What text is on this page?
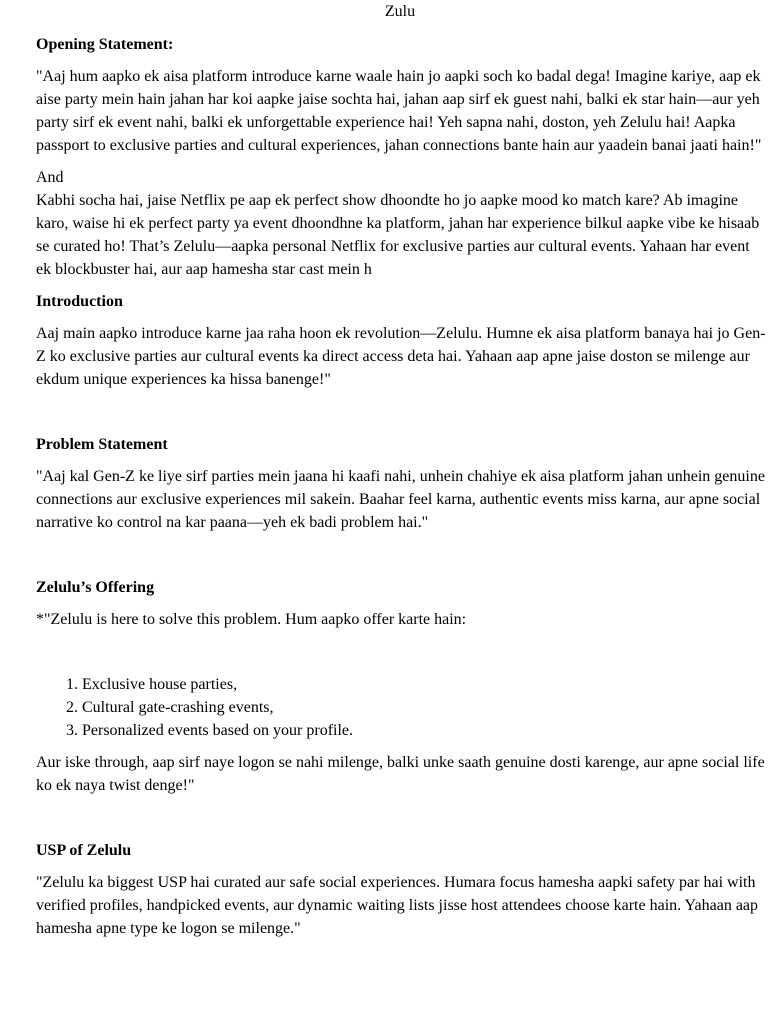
Zulu
Opening Statement:

"Aaj hum aapko ek aisa platform introduce karne waale hain jo aapki soch ko badal dega! Imagine kariye, aap ek aise party mein hain jahan har koi aapke jaise sochta hai, jahan aap sirf ek guest nahi, balki ek star hain—aur yeh party sirf ek event nahi, balki ek unforgettable experience hai! Yeh sapna nahi, doston, yeh Zelulu hai! Aapka passport to exclusive parties and cultural experiences, jahan connections bante hain aur yaadein banai jaati hain!"

And

Kabhi socha hai, jaise Netflix pe aap ek perfect show dhoondte ho jo aapke mood ko match kare? Ab imagine karo, waise hi ek perfect party ya event dhoondhne ka platform, jahan har experience bilkul aapke vibe ke hisaab se curated ho! That’s Zelulu—aapka personal Netflix for exclusive parties aur cultural events. Yahaan har event ek blockbuster hai, aur aap hamesha star cast mein h

Introduction

Aaj main aapko introduce karne jaa raha hoon ek revolution—Zelulu. Humne ek aisa platform banaya hai jo Gen-Z ko exclusive parties aur cultural events ka direct access deta hai. Yahaan aap apne jaise doston se milenge aur ekdum unique experiences ka hissa banenge!"

Problem Statement

"Aaj kal Gen-Z ke liye sirf parties mein jaana hi kaafi nahi, unhein chahiye ek aisa platform jahan unhein genuine connections aur exclusive experiences mil sakein. Baahar feel karna, authentic events miss karna, aur apne social narrative ko control na kar paana—yeh ek badi problem hai."

Zelulu’s Offering

*"Zelulu is here to solve this problem. Hum aapko offer karte hain:

1. Exclusive house parties,
2. Cultural gate-crashing events,
3. Personalized events based on your profile.

Aur iske through, aap sirf naye logon se nahi milenge, balki unke saath genuine dosti karenge, aur apne social life ko ek naya twist denge!"

USP of Zelulu

"Zelulu ka biggest USP hai curated aur safe social experiences. Humara focus hamesha aapki safety par hai with verified profiles, handpicked events, aur dynamic waiting lists jisse host attendees choose karte hain. Yahaan aap hamesha apne type ke logon se milenge."
